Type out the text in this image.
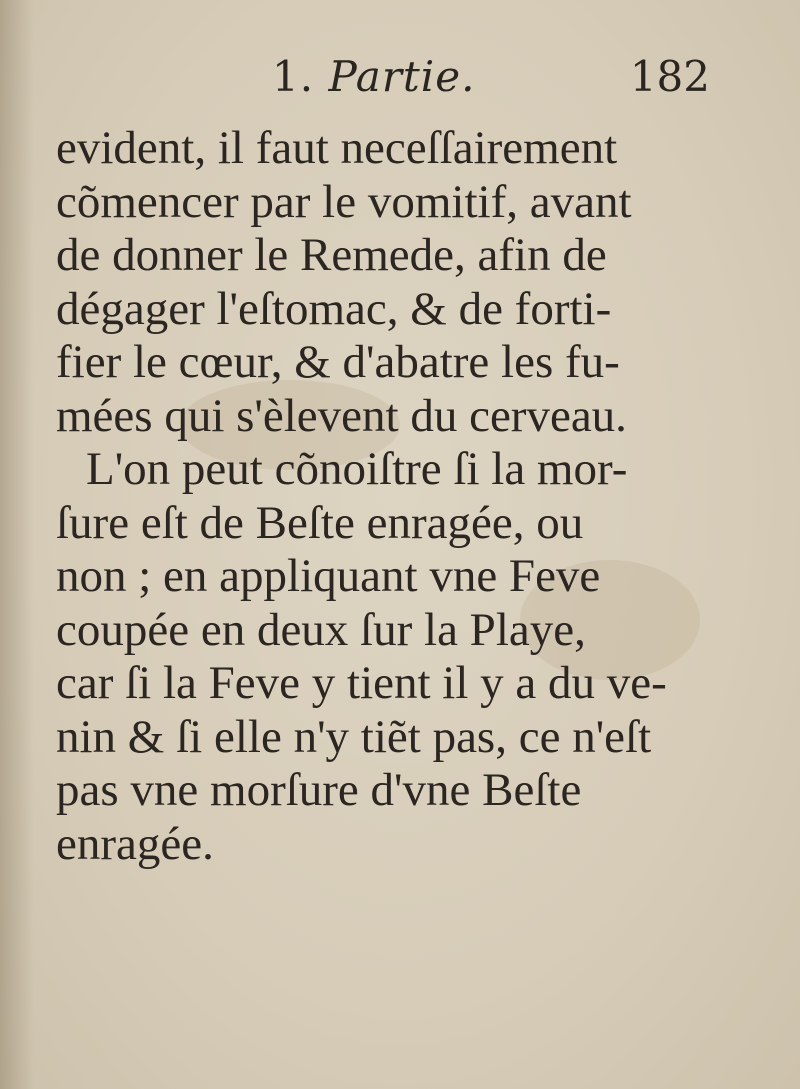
1. Partie.	182
evident, il faut neceſſairement
cõmencer par le vomitif, avant
de donner le Remede, afin de
dégager l'eſtomac, & de forti-
fier le cœur, & d'abatre les fu-
mées qui s'èlevent du cerveau.
L'on peut cõnoiſtre ſi la mor-
ſure eſt de Beſte enragée, ou
non ; en appliquant vne Feve
coupée en deux ſur la Playe,
car ſi la Feve y tient il y a du ve-
nin & ſi elle n'y tiẽt pas, ce n'eſt
pas vne morſure d'vne Beſte
enragée.
